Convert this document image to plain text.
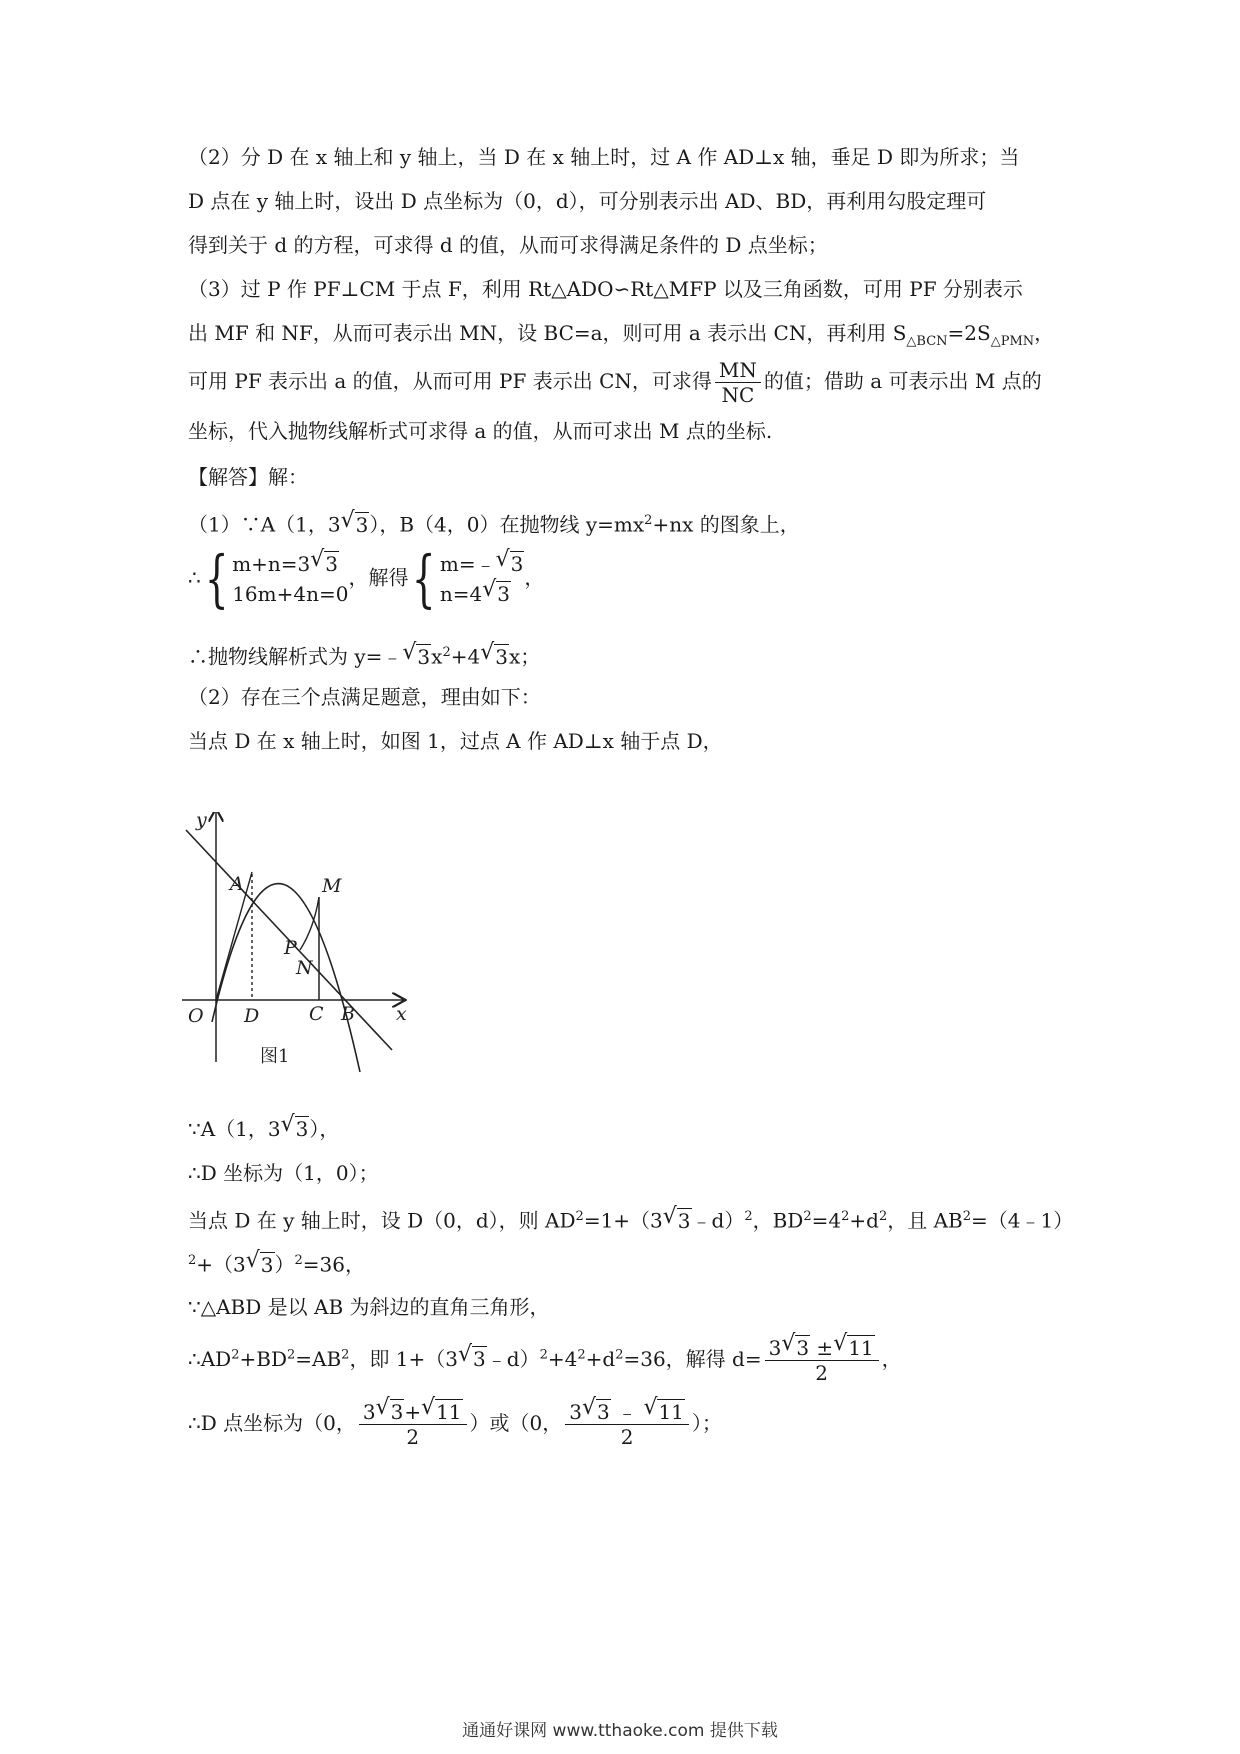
（2）分 D 在 x 轴上和 y 轴上，当 D 在 x 轴上时，过 A 作 AD⊥x 轴，垂足 D 即为所求；当
D 点在 y 轴上时，设出 D 点坐标为（0，d），可分别表示出 AD、BD，再利用勾股定理可
得到关于 d 的方程，可求得 d 的值，从而可求得满足条件的 D 点坐标；
（3）过 P 作 PF⊥CM 于点 F，利用 Rt△ADO∽Rt△MFP 以及三角函数，可用 PF 分别表示
出 MF 和 NF，从而可表示出 MN，设 BC=a，则可用 a 表示出 CN，再利用 $S_{\triangle BCN}=2S_{\triangle PMN}$，
可用 PF 表示出 a 的值，从而可用 PF 表示出 CN，可求得 $\frac{MN}{NC}$ 的值；借助 a 可表示出 M 点的
坐标，代入抛物线解析式可求得 a 的值，从而可求出 M 点的坐标.
【解答】解：
（1）∵A（1，3√ 3），B（4，0）在抛物线 $y=mx^2+nx$ 的图象上，
∴{ m+n=3√ 3
16m+4n=0，解得{ m=﹣√ 3
n=4√ 3，
∴抛物线解析式为 y=﹣√ $3x^2+4√$ 3x；
（2）存在三个点满足题意，理由如下：
当点 D 在 x 轴上时，如图 1，过点 A 作 AD⊥x 轴于点 D，
∵A（1，3√ 3），
∴D 坐标为（1，0）；
当点 D 在 y 轴上时，设 D（0，d），则 $AD^2=1+(3√$ 3﹣d）$^2$，$BD^2=4^2+d^2$，且 $AB^2=(4﹣1)$
$^2$+（3√ 3）$^2$=36，
∵△ABD 是以 AB 为斜边的直角三角形，
$\therefore AD^2+BD^2=AB^2$，即 1+（3√ $3﹣d)^2+4^2+d^2=36$，解得 $d= \frac{3√ 3 \pm√ 11}{2}$ ，
∴D 点坐标为（0， $\frac{3√ 3+√ 11}{2}$ ）或（0， $\frac{3√ 3 ﹣ √ 11}{2}$ ）；
y
x
O D	C B
A	M
P
N
图1
通通好课网 www.tthaoke.com 提供下载
